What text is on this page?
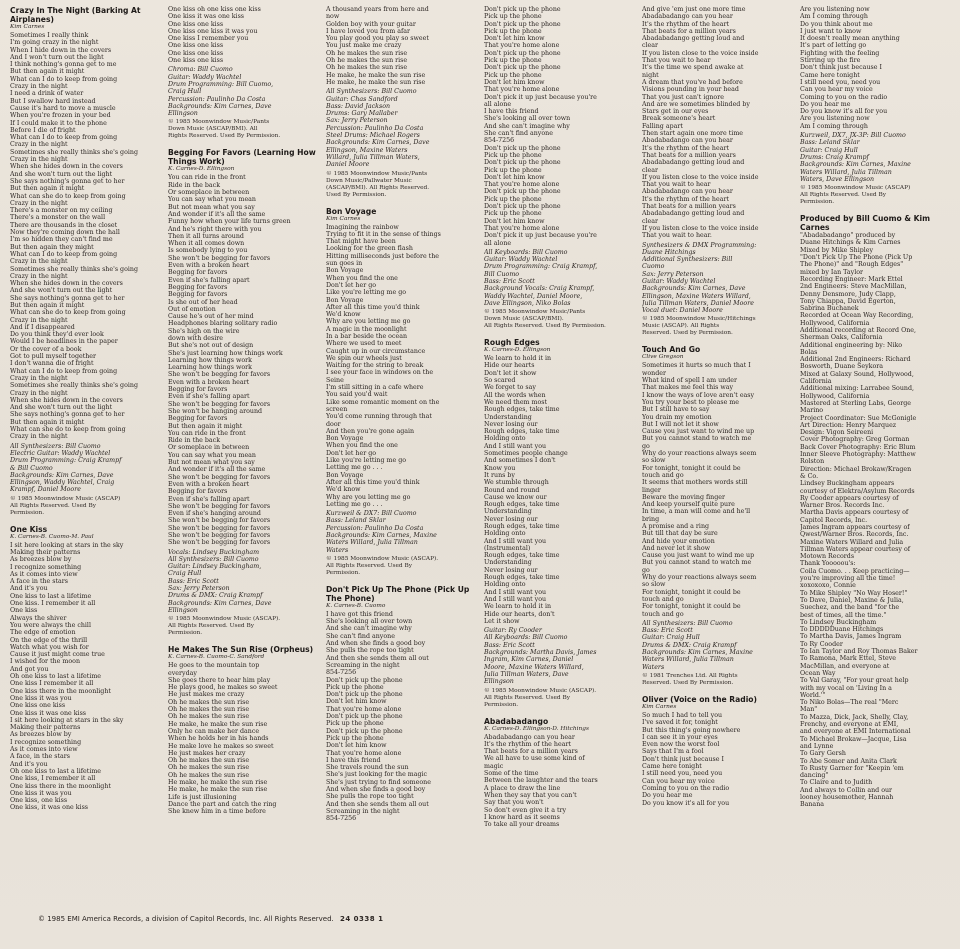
Crazy In The Night (Barking At Airplanes)
Kim Carnes
Sometimes I really think
I'm going crazy in the night
When I hide down in the covers
And I won't turn out the light
I think nothing's gonna get to me
But then again it might
What can I do to keep from going
Crazy in the night
I need a drink of water
But I swallow hard instead
Cause it's hard to move a muscle
When you're frozen in your bed
If I could make it to the phone
Before I die of fright
What can I do to keep from going
Crazy in the night
Sometimes she really thinks she's going
Crazy in the night
When she hides down in the covers
And she won't turn out the light
She says nothing's gonna get to her
But then again it might
What can she do to keep from going
Crazy in the night
There's a monster on my ceiling
There's a monster on the wall
There are thousands in the closet
Now they're coming down the hall
I'm so hidden they can't find me
But then again they might
What can I do to keep from going
Crazy in the night
Sometimes she really thinks she's going
Crazy in the night
When she hides down in the covers
And she won't turn out the light
She says nothing's gonna get to her
But then again it might
What can she do to keep from going
Crazy in the night
And if I disappeared
Do you think they'd ever look
Would I be headlines in the paper
Or the cover of a book
Got to pull myself together
I don't wanna die of fright
What can I do to keep from going
Crazy in the night
Sometimes she really thinks she's going
Crazy in the night
When she hides down in the covers
And she won't turn out the light
She says nothing's gonna get to her
But then again it might
What can she do to keep from going
Crazy in the night
All Synthesizers: Bill Cuomo
Electric Guitar: Waddy Wachtel
Drum Programming: Craig Krampf
& Bill Cuomo
Backgrounds: Kim Carnes, Dave
Ellingson, Waddy Wachtel, Craig
Krampf, Daniel Moore
© 1985 Moonwindow Music (ASCAP)
All Rights Reserved. Used By
Permission.
One Kiss
K. Carnes-B. Cuomo-M. Paul
I sit here looking at stars in the sky
Making their patterns
As breezes blow by
I recognize something
As it comes into view
A face in the stars
And it's you
One kiss to last a lifetime
One kiss. I remember it all
One kiss
Always the shiver
You were always the chill
The edge of emotion
On the edge of the thrill
Watch what you wish for
Cause it just might come true
I wished for the moon
And got you
Oh one kiss to last a lifetime
One kiss I remember it all
One kiss there in the moonlight
One kiss it was you
One kiss one kiss
One kiss it was one kiss
I sit here looking at stars in the sky
Making their patterns
As breezes blow by
I recognize something
As it comes into view
A face, in the stars
And it's you
Oh one kiss to last a lifetime
One kiss, I remember it all
One kiss there in the moonlight
One kiss it was you
One kiss, one kiss
One kiss, it was one kiss
One kiss oh one kiss one kiss
One kiss it was one kiss
One kiss one kiss
One kiss one kiss it was you
One kiss I remember you
One kiss one kiss
One kiss one kiss
One kiss one kiss
Chroma: Bill Cuomo
Guitar: Waddy Wachtel
Drum Programming: Bill Cuomo,
Craig Hull
Percussion: Paulinho Da Costa
Backgrounds: Kim Carnes, Dave
Ellingson
© 1985 Moonwindow Music/Pants
Down Music (ASCAP/BMI). All
Rights Reserved. Used By Permission.
Begging For Favors (Learning How Things Work)
K. Carnes-D. Ellingson
You can ride in the front
Ride in the back
Or someplace in between
You can say what you mean
But not mean what you say
And wonder if it's all the same
Funny how when your life turns green
And he's right there with you
Then it all turns around
When it all comes down
Is somebody lying to you
She won't be begging for favors
Even with a broken heart
Begging for favors
Even if she's falling apart
Begging for favors
Begging for favors
Is she out of her head
Out of emotion
Cause he's out of her mind
Headphones blaring solitary radio
She's high on the wire
down with desire
But she's not out of design
She's just learning how things work
Learning how things work
Learning how things work
She won't be begging for favors
Even with a broken heart
Begging for favors
Even if she's falling apart
She won't be begging for favors
She won't be hanging around
Begging for favors
But then again it might
You can ride in the front
Ride in the back
Or someplace in between
You can say what you mean
But not mean what you say
And wonder if it's all the same
She won't be begging for favors
Even with a broken heart
Begging for favors
Even if she's falling apart
She won't be begging for favors
Even if she's hanging around
She won't be begging for favors
She won't be begging for favors
She won't be begging for favors
She won't be begging for favors
Vocals: Lindsey Buckingham
All Synthesizers: Bill Cuomo
Guitar: Lindsey Buckingham,
Craig Hull
Bass: Eric Scott
Sax: Jerry Peterson
Drums & DMX: Craig Krampf
Backgrounds: Kim Carnes, Dave
Ellingson
© 1985 Moonwindow Music (ASCAP).
All Rights Reserved. Used By
Permission.
He Makes The Sun Rise (Orpheus)
K. Carnes-B. Cuomo-C. Sandford
He goes to the mountain top
everyday
She goes there to hear him play
He plays good, he makes so sweet
He just makes me crazy
Oh he makes the sun rise
Oh he makes the sun rise
Oh he makes the sun rise
He make, he make the sun rise
Only he can make her dance
When he holds her in his hands
He make love he makes so sweet
He just makes her crazy
Oh he makes the sun rise
Oh he makes the sun rise
Oh he makes the sun rise
He make, he make the sun rise
He make, he make the sun rise
Life is just illusioning
Dance the part and catch the ring
She knew him in a time before
A thousand years from here and
now
Golden boy with your guitar
I have loved you from afar
You play good you play so sweet
You just make me crazy
Oh he makes the sun rise
Oh he makes the sun rise
Oh he makes the sun rise
He make, he make the sun rise
He make, he make the sun rise
All Synthesizers: Bill Cuomo
Guitar: Chas Sandford
Bass: David Jackson
Drums: Gary Mallaber
Sax: Jerry Peterson
Percussion: Paulinho Da Costa
Steel Drums: Michael Rogers
Backgrounds: Kim Carnes, Dave
Ellingson, Maxine Waters
Willard, Julia Tillman Waters,
Daniel Moore
© 1985 Moonwindow Music/Pants
Down Music/Pallwater Music
(ASCAP/BMI). All Rights Reserved.
Used By Permission.
Bon Voyage
Kim Carnes
Imagining the rainbow
Trying to fit it in the sense of things
That might have been
Looking for the green flash
Hitting milliseconds just before the
sun goes in
Bon Voyage
When you find the one
Don't let her go
Like you're letting me go
Bon Voyage
After all this time you'd think
We'd know
Why are you letting me go
A magic in the moonlight
In a bar beside the ocean
Where we used to meet
Caught up in our circumstance
We spin our wheels just
Waiting for the string to break
I see your face in windows on the
Seine
I'm still sitting in a cafe where
You said you'd wait
Like some romantic moment on the
screen
You'd come running through that
door
And then you're gone again
Bon Voyage
When you find the one
Don't let her go
Like you're letting me go
Letting me go . . .
Bon Voyage
After all this time you'd think
We'd know
Why are you letting me go
Letting me go . . .
Kurzweil & DX7: Bill Cuomo
Bass: Leland Sklar
Percussion: Paulinho Da Costa
Backgrounds: Kim Carnes, Maxine
Waters Willard, Julia Tillman
Waters
© 1985 Moonwindow Music (ASCAP).
All Rights Reserved. Used By
Permission.
Don't Pick Up The Phone (Pick Up The Phone)
K. Carnes-B. Cuomo
I have got this friend
She's looking all over town
And she can't imagine why
She can't find anyone
And when she finds a good boy
She pulls the rope too tight
And then she sends them all out
Screaming in the night
854-7256
Don't pick up the phone
Pick up the phone
Don't pick up the phone
Don't let him know
That you're home alone
Don't pick up the phone
Pick up the phone
Don't pick up the phone
Pick up the phone
Don't let him know
That you're home alone
I have this friend
She travels round the sun
She's just looking for the magic
She's just trying to find someone
And when she finds a good boy
She pulls the rope too tight
And then she sends them all out
Screaming in the night
854-7256
Don't pick up the phone
Pick up the phone
Don't pick up the phone
Pick up the phone
Don't let him know
That you're home alone
Don't pick up the phone
Pick up the phone
Don't pick up the phone
Pick up the phone
Don't let him know
That you're home alone
Don't pick it up just because you're
all alone
I have this friend
She's looking all over town
And she can't imagine why
She can't find anyone
854-7256
Don't pick up the phone
Pick up the phone
Don't pick up the phone
Pick up the phone
Don't let him know
That you're home alone
Don't pick up the phone
Pick up the phone
Don't pick up the phone
Pick up the phone
Don't let him know
That you're home alone
Don't pick it up just because you're
all alone
All Keyboards: Bill Cuomo
Guitar: Waddy Wachtel
Drum Programming: Craig Krampf,
Bill Cuomo
Bass: Eric Scott
Background Vocals: Craig Krampf,
Waddy Wachtel, Daniel Moore,
Dave Ellingson, Niko Bolas
© 1985 Moonwindow Music/Pants
Down Music (ASCAP/BMI).
All Rights Reserved. Used By Permission.
Rough Edges
K. Carnes-D. Ellingson
We learn to hold it in
Hide our hearts
Don't let it show
So scared
We forget to say
All the words when
We need them most
Rough edges, take time
Understanding
Never losing our
Rough edges, take time
Holding onto
And I still want you
Sometimes people change
And sometimes I don't
Know you
It runs by
We stumble through
Round and round
Cause we know our
Rough edges, take time
Understanding
Never losing our
Rough edges, take time
Holding onto
And I still want you
(Instrumental)
Rough edges, take time
Understanding
Never losing our
Rough edges, take time
Holding onto
And I still want you
And I still want you
We learn to hold it in
Hide our hearts, don't
Let it show
Guitar: Ry Cooder
All Keyboards: Bill Cuomo
Bass: Eric Scott
Backgrounds: Martha Davis, James
Ingram, Kim Carnes, Daniel
Moore, Maxine Waters Willard,
Julia Tillman Waters, Dave
Ellingson
© 1985 Moonwindow Music (ASCAP).
All Rights Reserved. Used By
Permission.
Abadabadango
K. Carnes-D. Ellingson-D. Hitchings
Abadabadango can you hear
It's the rhythm of the heart
That beats for a million years
We all have to use some kind of
magic
Some of the time
Between the laughter and the tears
A place to draw the line
When they say that you can't
Say that you won't
So don't even give it a try
I know hard as it seems
To take all your dreams
And give 'em just one more time
Abadabadango can you hear
It's the rhythm of the heart
That beats for a million years
Abadabadango getting loud and
clear
If you listen close to the voice inside
That you wait to hear
It's the time we spend awake at
night
A dream that you've had before
Visions pounding in your head
That you just can't ignore
And are we sometimes blinded by
Stars get in our eyes
Break someone's heart
Falling apart
Then start again one more time
Abadabadango can you hear
It's the rhythm of the heart
That beats for a million years
Abadabadango getting loud and
clear
If you listen close to the voice inside
That you wait to hear
Abadabadango can you hear
It's the rhythm of the heart
That beats for a million years
Abadabadango getting loud and
clear
If you listen close to the voice inside
That you wait to hear.
Synthesizers & DMX Programming:
Duane Hitchings
Additional Synthesizers: Bill
Cuomo
Sax: Jerry Peterson
Guitar: Waddy Wachtel
Backgrounds: Kim Carnes, Dave
Ellingson, Maxine Waters Willard,
Julia Tillman Waters, Daniel Moore
Vocal duet: Daniel Moore
© 1985 Moonwindow Music/Hitchings
Music (ASCAP). All Rights
Reserved. Used by Permission.
Touch And Go
Clive Gregson
Sometimes it hurts so much that I
wonder
What kind of spell I am under
That makes me feel this way
I know the ways of love aren't easy
You try your best to please me
But I still have to say
You drain my emotion
But I will not let it show
Cause you just want to wind me up
But you cannot stand to watch me
go
Why do your reactions always seem
so slow
For tonight, tonight it could be
touch and go
It seems that mothers words still
linger
Beware the moving finger
And keep yourself quite pure
In time, a man will come and he'll
bring
A promise and a ring
But till that day be sure
And hide your emotion
And never let it show
Cause you just want to wind me up
But you cannot stand to watch me
go
Why do your reactions always seem
so slow
For tonight, tonight it could be
touch and go
For tonight, tonight it could be
touch and go
All Synthesizers: Bill Cuomo
Bass: Eric Scott
Guitar: Craig Hull
Drums & DMX: Craig Krampf
Backgrounds: Kim Carnes, Maxine
Waters Willard, Julia Tillman
Waters
© 1981 Trenches Ltd. All Rights
Reserved. Used By Permission.
Oliver (Voice on the Radio)
Kim Carnes
So much I had to tell you
I've saved it for, tonight
But this thing's going nowhere
I can see it in your eyes
Even now the worst fool
Says that I'm a fool
Don't think just because I
Came here tonight
I still need you, need you
Can you hear my voice
Coming to you on the radio
Do you hear me
Do you know it's all for you
Are you listening now
Am I coming through
Do you think about me
I just want to know
It doesn't really mean anything
It's part of letting go
Fighting with the feeling
Stirring up the fire
Don't think just because I
Came here tonight
I still need you, need you
Can you hear my voice
Coming to you on the radio
Do you hear me
Do you know it's all for you
Are you listening now
Am I coming through
Kurzweil, DX7, JX-3P: Bill Cuomo
Bass: Leland Sklar
Guitar: Craig Hull
Drums: Craig Krampf
Backgrounds: Kim Carnes, Maxine
Waters Willard, Julia Tillman
Waters, Dave Ellingson
© 1985 Moonwindow Music (ASCAP)
All Rights Reserved. Used By
Permission.
Produced by Bill Cuomo & Kim Carnes
"Abadabadango" produced by
Duane Hitchings & Kim Carnes
Mixed by Mike Shipley
"Don't Pick Up The Phone (Pick Up
The Phone)" and "Rough Edges"
mixed by Ian Taylor
Recording Engineer: Mark Ettel
2nd Engineers: Steve MacMillan,
Denny Densmore, Judy Clapp,
Tony Chiappa, David Egerton,
Sabrina Buchanek
Recorded at Ocean Way Recording,
Hollywood, California
Additional recording at Record One,
Sherman Oaks, California
Additional engineering by: Niko
Bolas
Additional 2nd Engineers: Richard
Bosworth, Duane Seykora
Mixed at Galaxy Sound, Hollywood,
California
Additional mixing: Larrabee Sound,
Hollywood, California
Mastered at Sterling Labs, George
Marino
Project Coordinator: Sue McGonigle
Art Direction: Henry Marquez
Design: Vigon Seireeni
Cover Photography: Greg Gorman
Back Cover Photography: Eric Blum
Inner Sleeve Photography: Matthew
Rolston
Direction: Michael Brokaw/Kragen
& Co.
Lindsey Buckingham appears
courtesy of Elektra/Asylum Records
Ry Cooder appears courtesy of
Warner Bros. Records Inc.
Martha Davis appears courtesy of
Capitol Records, Inc.
James Ingram appears courtesy of
Qwest/Warner Bros. Records, Inc.
Maxine Waters Willard and Julia
Tillman Waters appear courtesy of
Motown Records
Thank Yooooou's:
Coila Cuomo. . . Keep practicing—
you're improving all the time!
xoxoxoxo, Connie
To Mike Shipley "No Way Hoser!"
To Dave, Daniel, Maxine & Julia,
Suechez, and the band "for the
best of times, all the time."
To Lindsey Buckingham
To DDDDDuane Hitchings
To Martha Davis, James Ingram
To Ry Cooder
To Ian Taylor and Roy Thomas Baker
To Ramona, Mark Ettel, Steve
MacMillan, and everyone at
Ocean Way
To Val Garay, "For your great help
with my vocal on 'Living In a
World.'"
To Niko Bolas—The real "Merc
Man"
To Mazza, Dick, Jack, Shelly, Clay,
Frenchy, and everyone at EMI,
and everyone at EMI International
To Michael Brokaw—Jacque, Lisa
and Lynne
To Gary Gersh
To Abe Somer and Anita Clark
To Rusty Garner for "Keepin 'em
dancing"
To Claire and to Judith
And always to Collin and our
looney housemother, Hannah
Banana
© 1985 EMI America Records, a division of Capitol Records, Inc. All Rights Reserved. 24 0338 1
